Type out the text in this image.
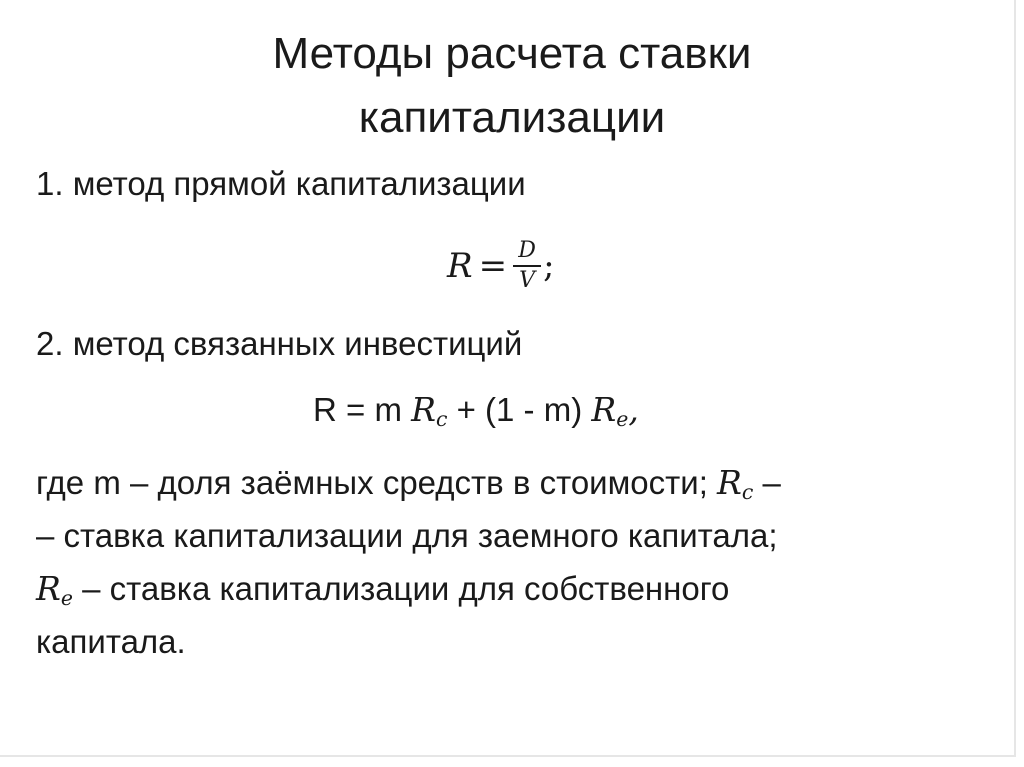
Методы расчета ставки
капитализации
1. метод прямой капитализации
$R = \frac{D}{V}$ ;
2. метод связанных инвестиций
R = m $R_c + (1 - m)$ $R_e$,
где m – доля заёмных средств в стоимости; $R_c$ –
– ставка капитализации для заемного капитала;
$R_e$ – ставка капитализации для собственного
капитала.
